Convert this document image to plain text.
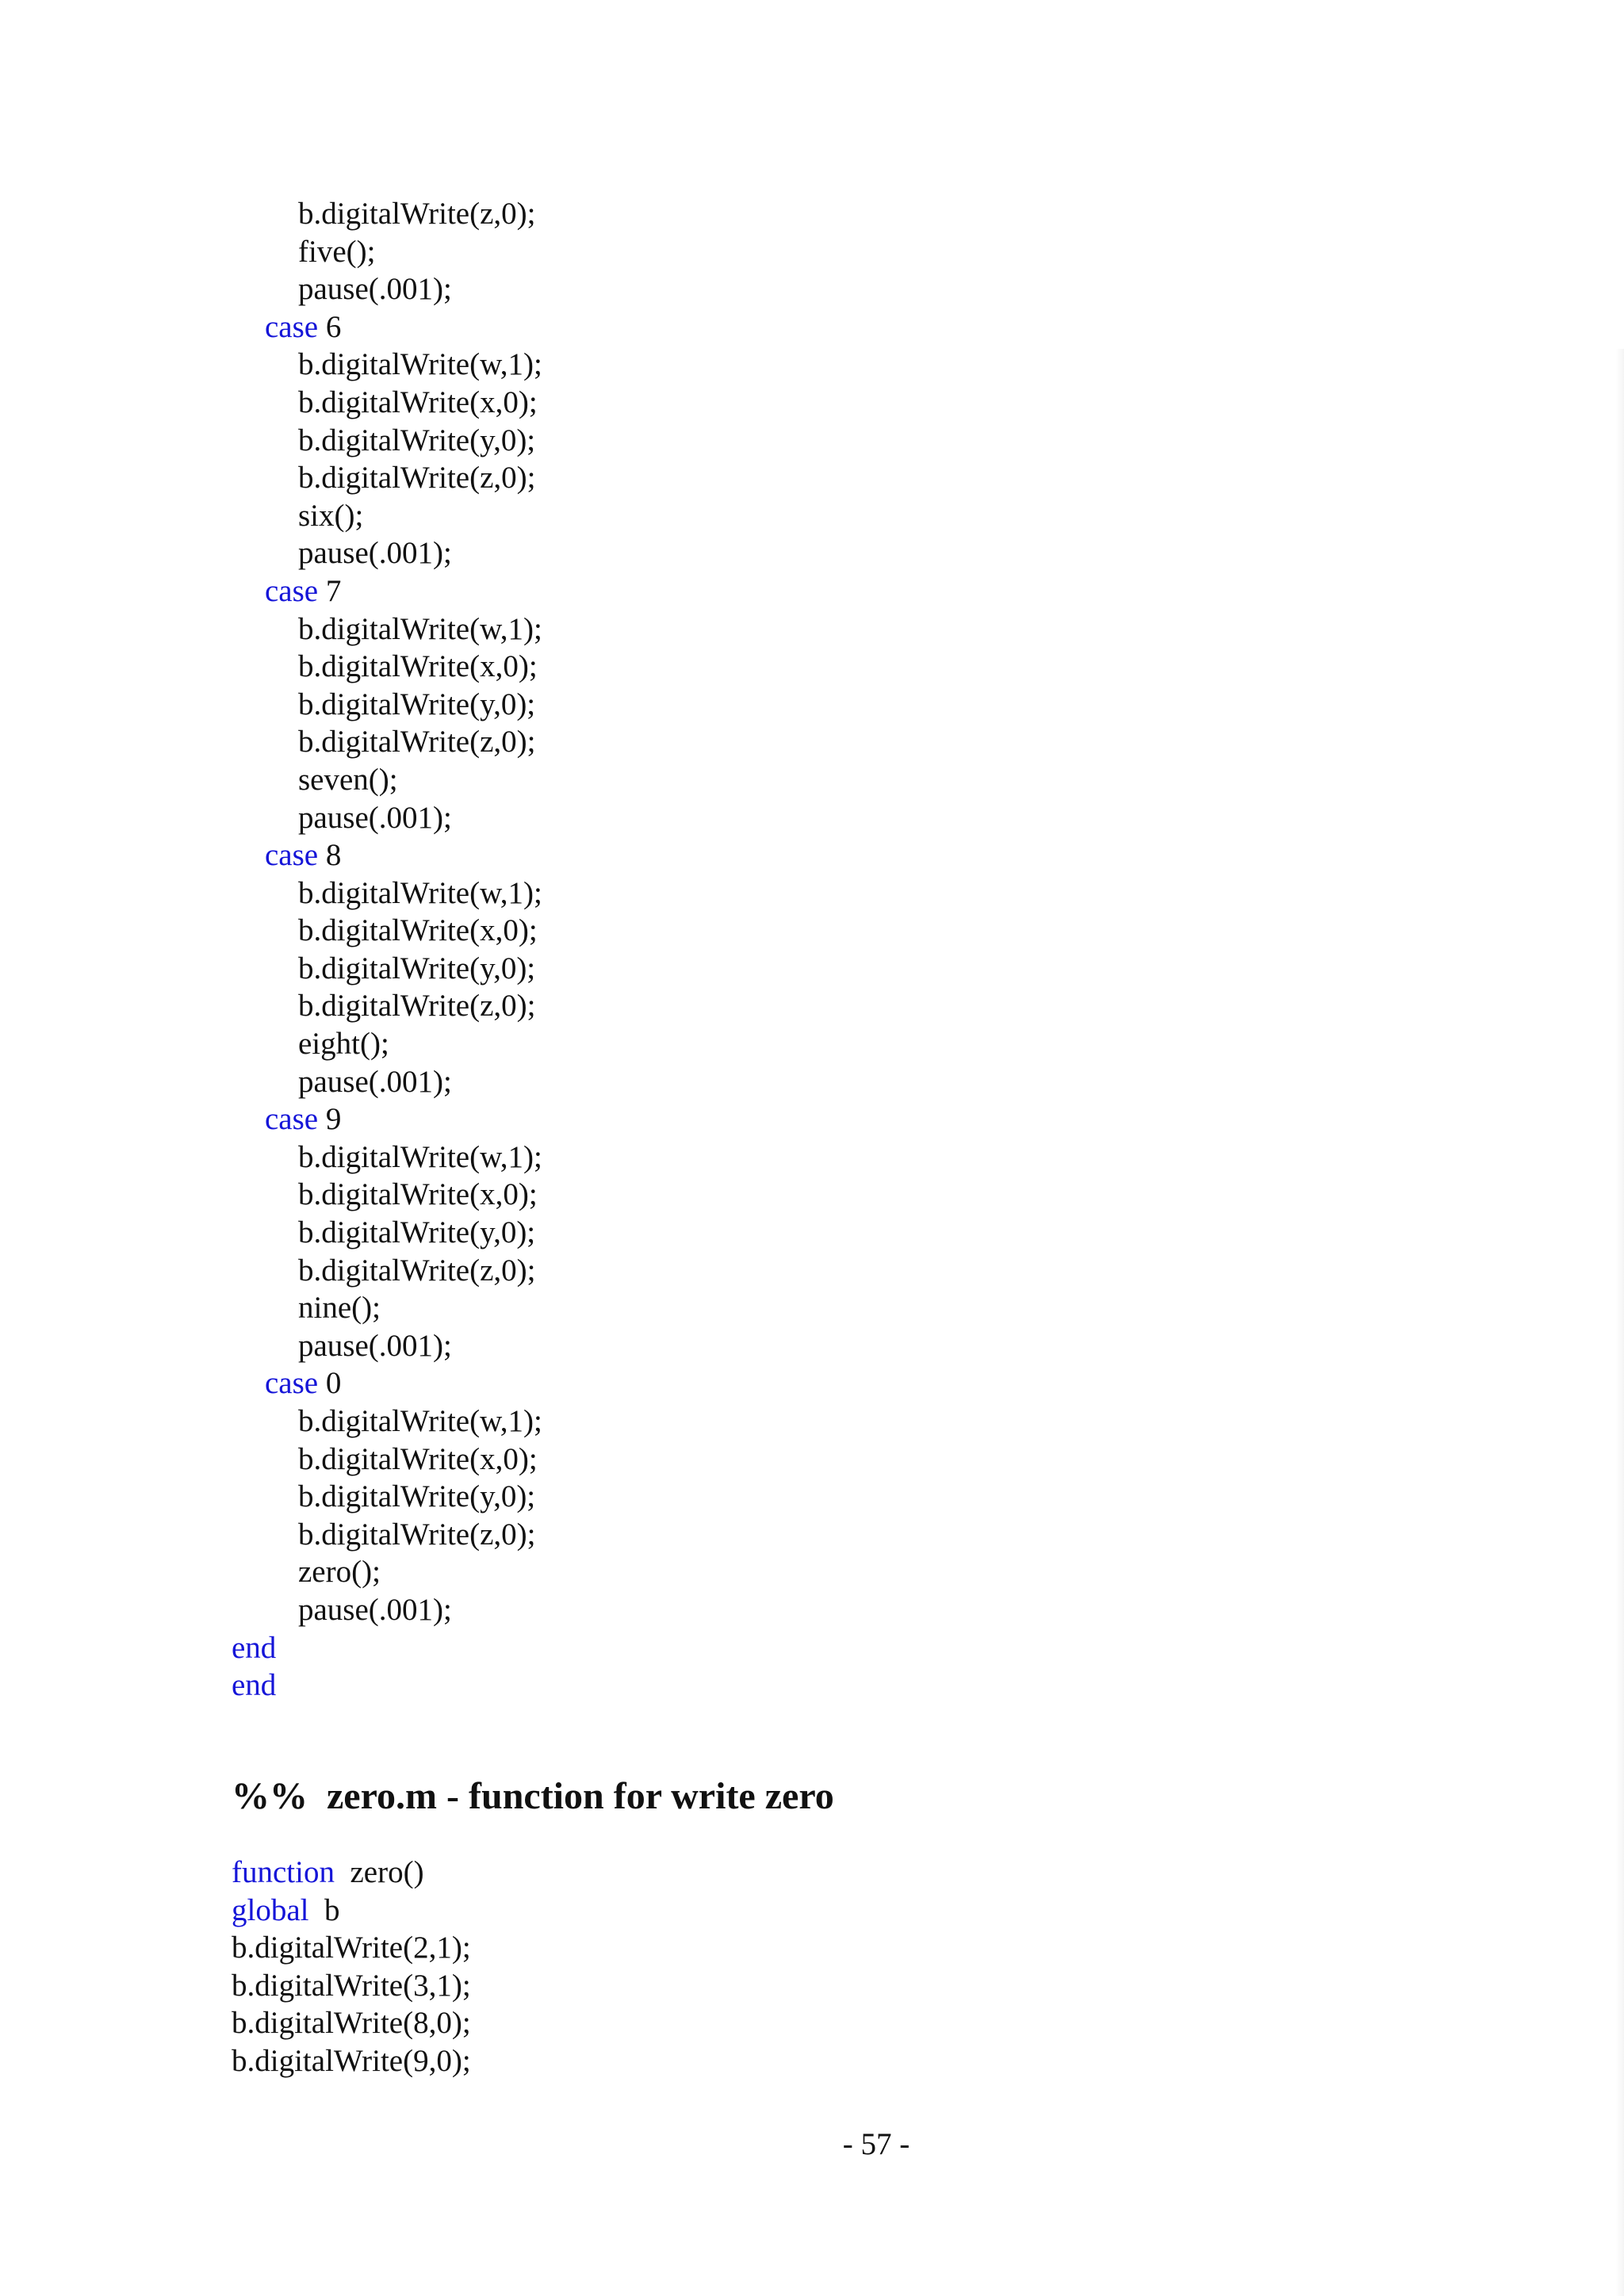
b.digitalWrite(z,0);
five();
pause(.001);
case 6
b.digitalWrite(w,1);
b.digitalWrite(x,0);
b.digitalWrite(y,0);
b.digitalWrite(z,0);
six();
pause(.001);
case 7
b.digitalWrite(w,1);
b.digitalWrite(x,0);
b.digitalWrite(y,0);
b.digitalWrite(z,0);
seven();
pause(.001);
case 8
b.digitalWrite(w,1);
b.digitalWrite(x,0);
b.digitalWrite(y,0);
b.digitalWrite(z,0);
eight();
pause(.001);
case 9
b.digitalWrite(w,1);
b.digitalWrite(x,0);
b.digitalWrite(y,0);
b.digitalWrite(z,0);
nine();
pause(.001);
case 0
b.digitalWrite(w,1);
b.digitalWrite(x,0);
b.digitalWrite(y,0);
b.digitalWrite(z,0);
zero();
pause(.001);
end
end
%%  zero.m - function for write zero
function  zero()
global  b
b.digitalWrite(2,1);
b.digitalWrite(3,1);
b.digitalWrite(8,0);
b.digitalWrite(9,0);
- 57 -
